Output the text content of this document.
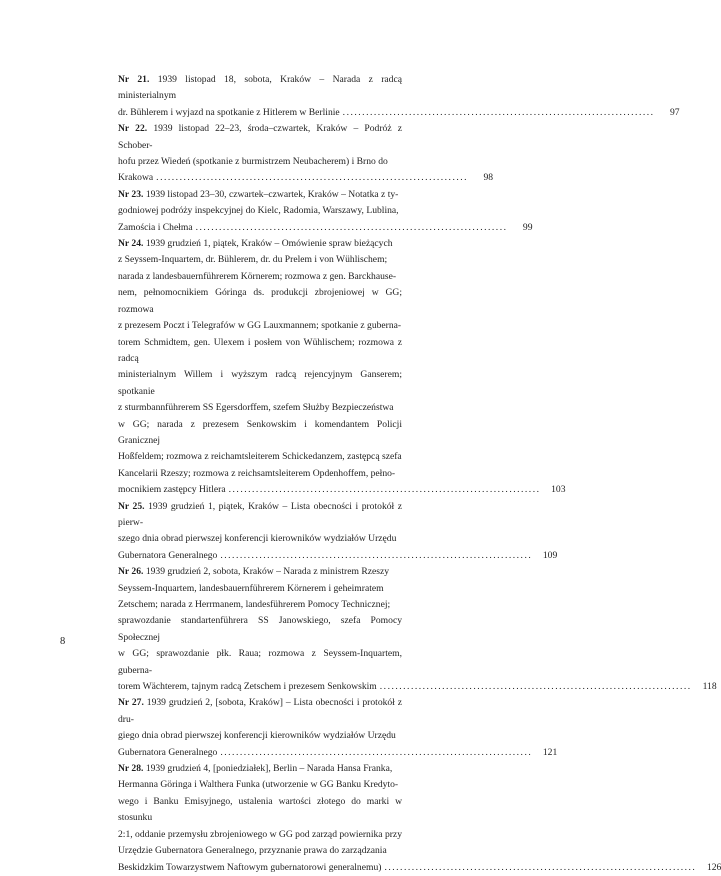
Nr 21. 1939 listopad 18, sobota, Kraków – Narada z radcą ministerialnym
dr. Bühlerem i wyjazd na spotkanie z Hitlerem w Berlinie ................................................................................	97
Nr 22. 1939 listopad 22–23, środa–czwartek, Kraków – Podróż z Schober-
hofu przez Wiedeń (spotkanie z burmistrzem Neubacherem) i Brno do
Krakowa ................................................................................	98
Nr 23. 1939 listopad 23–30, czwartek–czwartek, Kraków – Notatka z ty-
godniowej podróży inspekcyjnej do Kielc, Radomia, Warszawy, Lublina,
Zamościa i Chełma ................................................................................	99
Nr 24. 1939 grudzień 1, piątek, Kraków – Omówienie spraw bieżących
z Seyssem-Inquartem, dr. Bühlerem, dr. du Prelem i von Wühlischem;
narada z landesbauernführerem Körnerem; rozmowa z gen. Barckhause-
nem, pełnomocnikiem Góringa ds. produkcji zbrojeniowej w GG; rozmowa
z prezesem Poczt i Telegrafów w GG Lauxmannem; spotkanie z guberna-
torem Schmidtem, gen. Ulexem i posłem von Wühlischem; rozmowa z radcą
ministerialnym Willem i wyższym radcą rejencyjnym Ganserem; spotkanie
z sturmbannführerem SS Egersdorffem, szefem Służby Bezpieczeństwa
w GG; narada z prezesem Senkowskim i komendantem Policji Granicznej
Hoßfeldem; rozmowa z reichamtsleiterem Schickedanzem, zastępcą szefa
Kancelarii Rzeszy; rozmowa z reichsamtsleiterem Opdenhoffem, pełno-
mocnikiem zastępcy Hitlera ................................................................................	103
Nr 25. 1939 grudzień 1, piątek, Kraków – Lista obecności i protokół z pierw-
szego dnia obrad pierwszej konferencji kierowników wydziałów Urzędu
Gubernatora Generalnego ................................................................................	109
Nr 26. 1939 grudzień 2, sobota, Kraków – Narada z ministrem Rzeszy
Seyssem-Inquartem, landesbauernführerem Körnerem i geheimratem
Zetschem; narada z Herrmanem, landesführerem Pomocy Technicznej;
sprawozdanie standartenführera SS Janowskiego, szefa Pomocy Społecznej
w GG; sprawozdanie płk. Raua; rozmowa z Seyssem-Inquartem, guberna-
torem Wächterem, tajnym radcą Zetschem i prezesem Senkowskim ................................................................................	118
Nr 27. 1939 grudzień 2, [sobota, Kraków] – Lista obecności i protokół z dru-
giego dnia obrad pierwszej konferencji kierowników wydziałów Urzędu
Gubernatora Generalnego ................................................................................	121
Nr 28. 1939 grudzień 4, [poniedziałek], Berlin – Narada Hansa Franka,
Hermanna Göringa i Walthera Funka (utworzenie w GG Banku Kredyto-
wego i Banku Emisyjnego, ustalenia wartości złotego do marki w stosunku
2:1, oddanie przemysłu zbrojeniowego w GG pod zarząd powiernika przy
Urzędzie Gubernatora Generalnego, przyznanie prawa do zarządzania
Beskidzkim Towarzystwem Naftowym gubernatorowi generalnemu) ................................................................................	126
8
